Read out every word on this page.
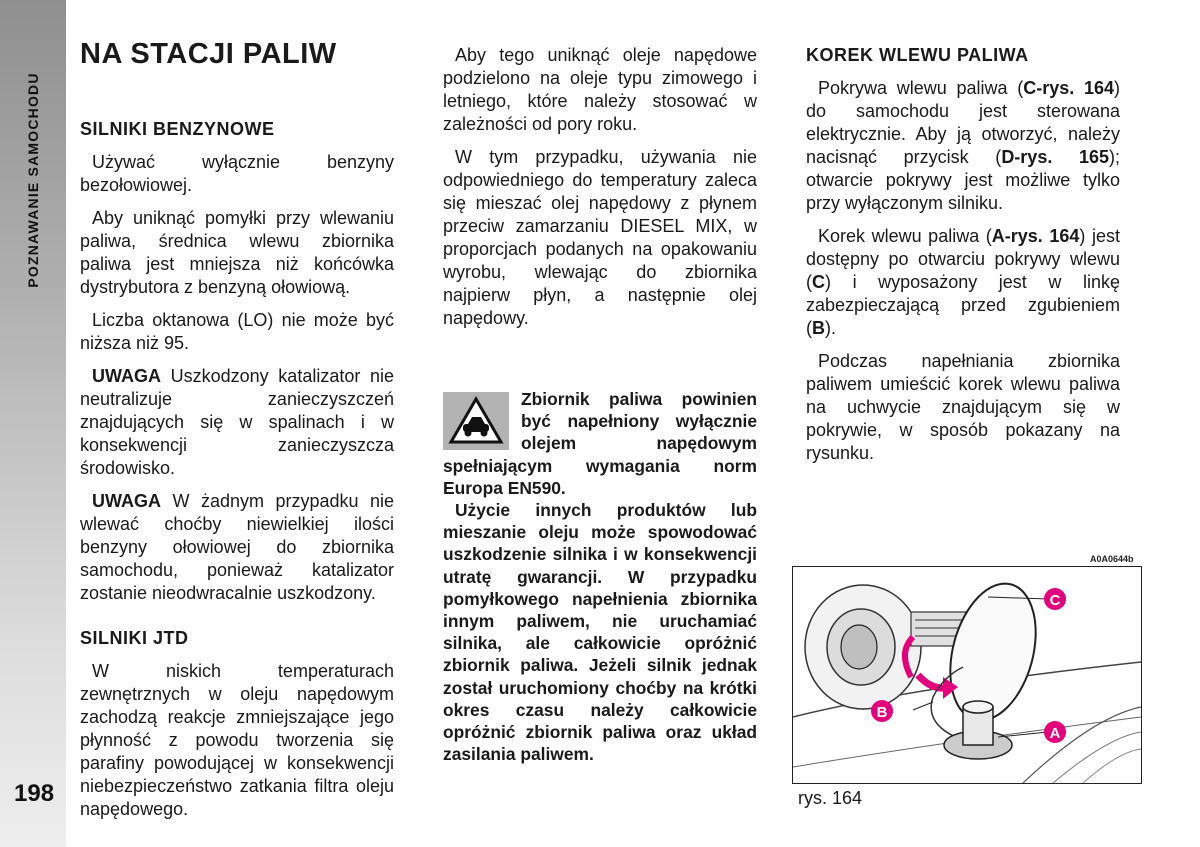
POZNAWANIE SAMOCHODU
198
NA STACJI PALIW
SILNIKI BENZYNOWE

Używać wyłącznie benzyny bezołowiowej.

Aby uniknąć pomyłki przy wlewaniu paliwa, średnica wlewu zbiornika paliwa jest mniejsza niż końcówka dystrybutora z benzyną ołowiową.

Liczba oktanowa (LO) nie może być niższa niż 95.

UWAGA Uszkodzony katalizator nie neutralizuje zanieczyszczeń znajdujących się w spalinach i w konsekwencji zanieczyszcza środowisko.

UWAGA W żadnym przypadku nie wlewać choćby niewielkiej ilości benzyny ołowiowej do zbiornika samochodu, ponieważ katalizator zostanie nieodwracalnie uszkodzony.

SILNIKI JTD

W niskich temperaturach zewnętrznych w oleju napędowym zachodzą reakcje zmniejszające jego płynność z powodu tworzenia się parafiny powodującej w konsekwencji niebezpieczeństwo zatkania filtra oleju napędowego.

Aby tego uniknąć oleje napędowe podzielono na oleje typu zimowego i letniego, które należy stosować w zależności od pory roku.

W tym przypadku, używania nie odpowiedniego do temperatury zaleca się mieszać olej napędowy z płynem przeciw zamarzaniu DIESEL MIX, w proporcjach podanych na opakowaniu wyrobu, wlewając do zbiornika najpierw płyn, a następnie olej napędowy.

Zbiornik paliwa powinien być napełniony wyłącznie olejem napędowym spełniającym wymagania norm Europa EN590.

Użycie innych produktów lub mieszanie oleju może spowodować uszkodzenie silnika i w konsekwencji utratę gwarancji. W przypadku pomyłkowego napełnienia zbiornika innym paliwem, nie uruchamiać silnika, ale całkowicie opróżnić zbiornik paliwa. Jeżeli silnik jednak został uruchomiony choćby na krótki okres czasu należy całkowicie opróżnić zbiornik paliwa oraz układ zasilania paliwem.

KOREK WLEWU PALIWA

Pokrywa wlewu paliwa (C-rys. 164) do samochodu jest sterowana elektrycznie. Aby ją otworzyć, należy nacisnąć przycisk (D-rys. 165); otwarcie pokrywy jest możliwe tylko przy wyłączonym silniku.

Korek wlewu paliwa (A-rys. 164) jest dostępny po otwarciu pokrywy wlewu (C) i wyposażony jest w linkę zabezpieczającą przed zgubieniem (B).

Podczas napełniania zbiornika paliwem umieścić korek wlewu paliwa na uchwycie znajdującym się w pokrywie, w sposób pokazany na rysunku.

A0A0644b
C
B
A
rys. 164
